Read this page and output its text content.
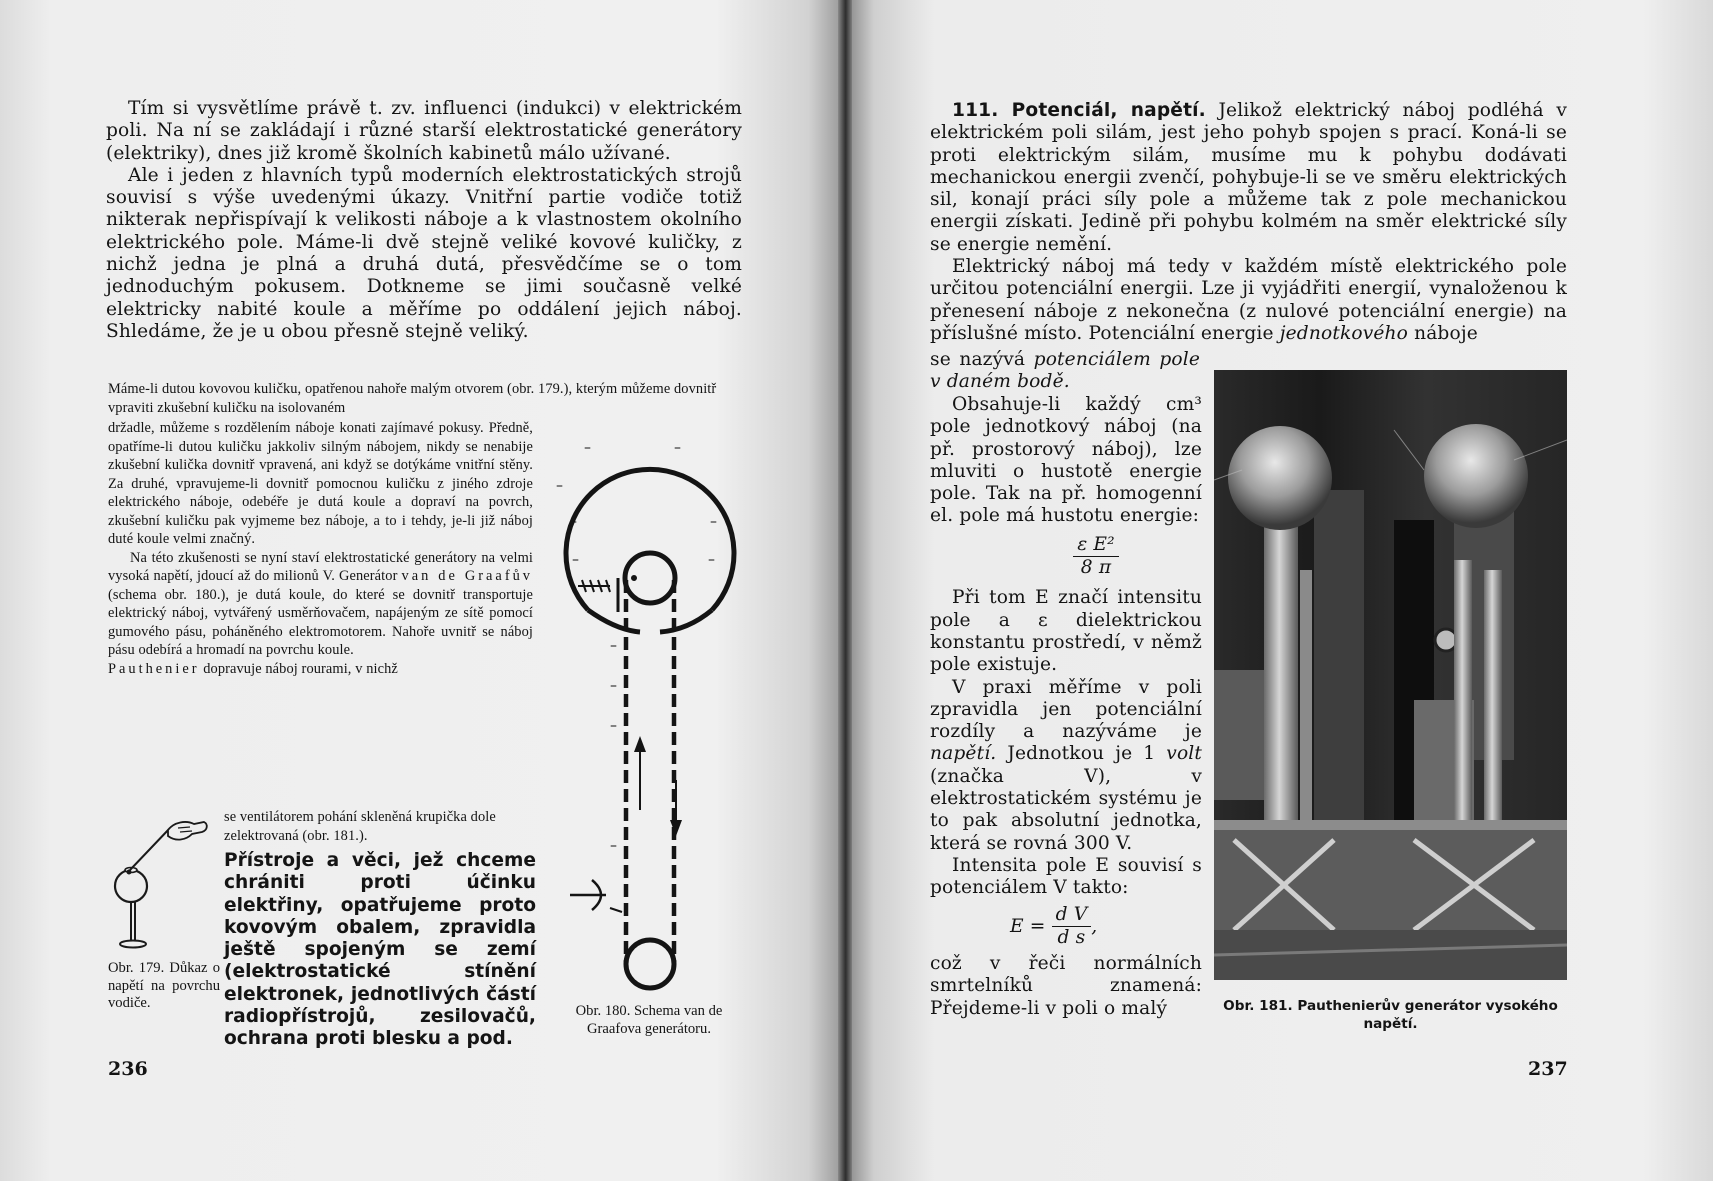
Tím si vysvětlíme právě t. zv. influenci (indukci) v elektrickém poli. Na ní se zakládají i různé starší elektrostatické generátory (elektriky), dnes již kromě školních kabinetů málo užívané.

Ale i jeden z hlavních typů moderních elektrostatických strojů souvisí s výše uvedenými úkazy. Vnitřní partie vodiče totiž nikterak nepřispívají k velikosti náboje a k vlastnostem okolního elektrického pole. Máme-li dvě stejně veliké kovové kuličky, z nichž jedna je plná a druhá dutá, přesvědčíme se o tom jednoduchým pokusem. Dotkneme se jimi současně velké elektricky nabité koule a měříme po oddálení jejich náboj. Shledáme, že je u obou přesně stejně veliký.

Máme-li dutou kovovou kuličku, opatřenou nahoře malým otvorem (obr. 179.), kterým můžeme dovnitř vpraviti zkušební kuličku na isolovaném

držadle, můžeme s rozdělením náboje konati zajímavé pokusy. Předně, opatříme-li dutou kuličku jakkoliv silným nábojem, nikdy se nenabije zkušební kulička dovnitř vpravená, ani když se dotýkáme vnitřní stěny. Za druhé, vpravujeme-li dovnitř pomocnou kuličku z jiného zdroje elektrického náboje, odebéře je dutá koule a dopraví na povrch, zkušební kuličku pak vyjmeme bez náboje, a to i tehdy, je-li již náboj duté koule velmi značný.

Na této zkušenosti se nyní staví elektrostatické generátory na velmi vysoká napětí, jdoucí až do milionů V. Generátor van de Graafův (schema obr. 180.), je dutá koule, do které se dovnitř transportuje elektrický náboj, vytvářený usměrňovačem, napájeným ze sítě pomocí gumového pásu, poháněného elektromotorem. Nahoře uvnitř se náboj pásu odebírá a hromadí na povrchu koule.

Pauthenier dopravuje náboj rourami, v nichž

se ventilátorem pohání skleněná krupička dole zelektrovaná (obr. 181.).
Přístroje a věci, jež chceme chrániti proti účinku elektřiny, opatřujeme proto kovovým obalem, zpravidla ještě spojeným se zemí (elektrostatické stínění elektronek, jednotlivých částí radiopřístrojů, zesilovačů, ochrana proti blesku a pod.
Obr. 179. Důkaz o napětí na povrchu vodiče.
–	–
–	–
–	–
–	–
–
–
–
–
Obr. 180. Schema van de Graafova generátoru.
236

111. Potenciál, napětí. Jelikož elektrický náboj podléhá v elektrickém poli silám, jest jeho pohyb spojen s prací. Koná-li se proti elektrickým silám, musíme mu k pohybu dodávati mechanickou energii zvenčí, pohybuje-li se ve směru elektrických sil, konají práci síly pole a můžeme tak z pole mechanickou energii získati. Jedině při pohybu kolmém na směr elektrické síly se energie nemění.

Elektrický náboj má tedy v každém místě elektrického pole určitou potenciální energii. Lze ji vyjádřiti energií, vynaloženou k přenesení náboje z nekonečna (z nulové potenciální energie) na příslušné místo. Potenciální energie jednotkového náboje

se nazývá potenciálem pole v daném bodě.

Obsahuje-li každý cm³ pole jednotkový náboj (na př. prostorový náboj), lze mluviti o hustotě energie pole. Tak na př. homogenní el. pole má hustotu energie:

$\frac{\text{ε E²}}{8 \pi}$

Při tom E značí intensitu pole a ε dielektrickou konstantu prostředí, v němž pole existuje.

V praxi měříme v poli zpravidla jen potenciální rozdíly a nazýváme je napětí. Jednotkou je 1 volt (značka V), v elektrostatickém systému je to pak absolutní jednotka, která se rovná 300 V.

Intensita pole E souvisí s potenciálem V takto:

$E = \frac{\text{d V}}{\text{d s}}$ ,

což v řeči normálních smrtelníků znamená: Přejdeme-li v poli o malý

237
Obr. 181. Pauthenierův generátor vysokého napětí.
